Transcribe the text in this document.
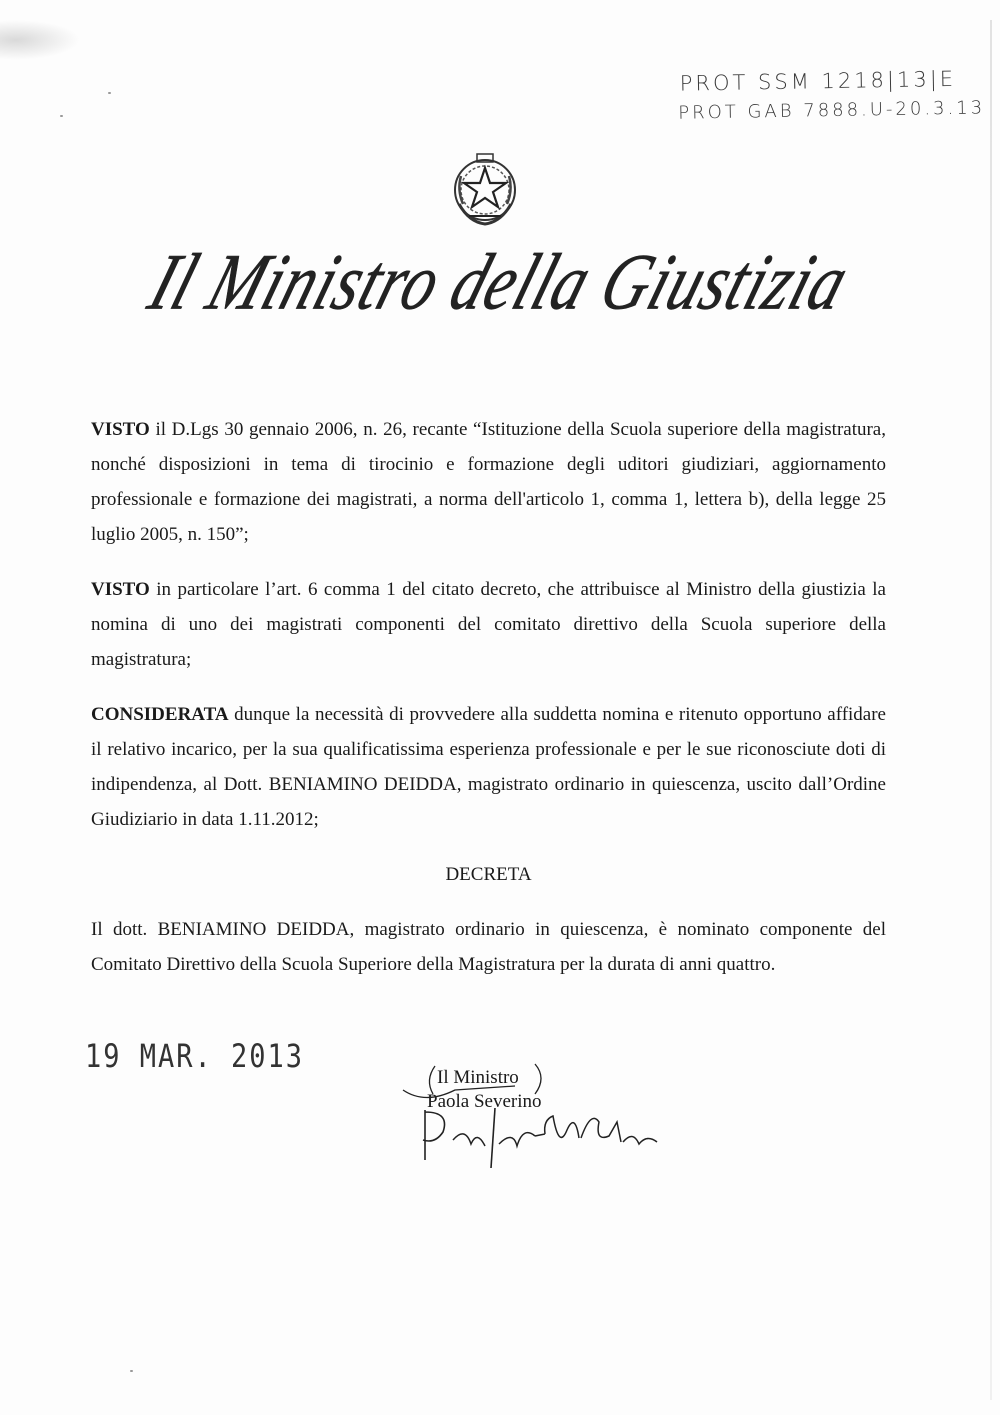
PROT SSM 1218|13|E
PROT GAB 7888.U-20.3.13
Il Ministro della Giustizia

VISTO il D.Lgs 30 gennaio 2006, n. 26, recante “Istituzione della Scuola superiore della magistratura, nonché disposizioni in tema di tirocinio e formazione degli uditori giudiziari, aggiornamento professionale e formazione dei magistrati, a norma dell'articolo 1, comma 1, lettera b), della legge 25 luglio 2005, n. 150”;

VISTO in particolare l’art. 6 comma 1 del citato decreto, che attribuisce al Ministro della giustizia la nomina di uno dei magistrati componenti del comitato direttivo della Scuola superiore della magistratura;

CONSIDERATA dunque la necessità di provvedere alla suddetta nomina e ritenuto opportuno affidare il relativo incarico, per la sua qualificatissima esperienza professionale e per le sue riconosciute doti di indipendenza, al Dott. BENIAMINO DEIDDA, magistrato ordinario in quiescenza, uscito dall’Ordine Giudiziario in data 1.11.2012;

DECRETA

Il dott. BENIAMINO DEIDDA, magistrato ordinario in quiescenza, è nominato componente del Comitato Direttivo della Scuola Superiore della Magistratura per la durata di anni quattro.

19 MAR. 2013
Il Ministro
Paola Severino
